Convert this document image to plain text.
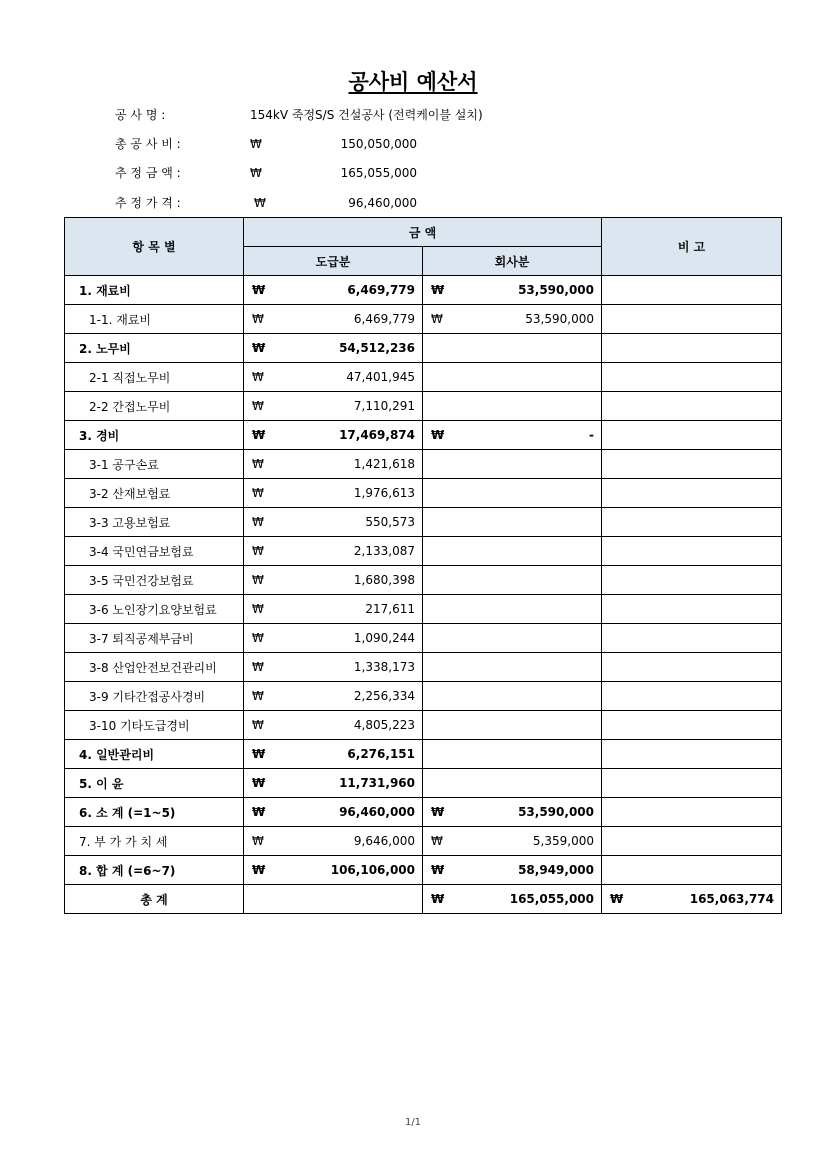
공사비 예산서
공 사 명 :	154kV 죽정S/S 건설공사 (전력케이블 설치)
총 공 사 비 :	₩	150,050,000
추 정 금 액 :	₩	165,055,000
추 정 가 격 :	₩	96,460,000
항 목 별	금 액		비 고
	도급분	회사분	
1. 재료비	₩ 6,469,779	₩ 53,590,000	

1-1. 재료비	₩ 6,469,779	₩ 53,590,000	

2. 노무비	₩ 54,512,236		

2-1 직접노무비	₩ 47,401,945		

2-2 간접노무비	₩ 7,110,291		

3. 경비	₩ 17,469,874	₩ -	

3-1 공구손료	₩ 1,421,618		

3-2 산재보험료	₩ 1,976,613		

3-3 고용보험료	₩ 550,573		

3-4 국민연금보험료	₩ 2,133,087		

3-5 국민건강보험료	₩ 1,680,398		

3-6 노인장기요양보험료	₩ 217,611		

3-7 퇴직공제부금비	₩ 1,090,244		

3-8 산업안전보건관리비	₩ 1,338,173		

3-9 기타간접공사경비	₩ 2,256,334		

3-10 기타도급경비	₩ 4,805,223		

4. 일반관리비	₩ 6,276,151		

5. 이 윤	₩ 11,731,960		

6. 소 계 (=1~5)	₩ 96,460,000	₩ 53,590,000	

7. 부 가 가 치 세	₩ 9,646,000	₩ 5,359,000	

8. 합 계 (=6~7)	₩ 106,106,000	₩ 58,949,000	

총 계		₩ 165,055,000	₩ 165,063,774
1/1
